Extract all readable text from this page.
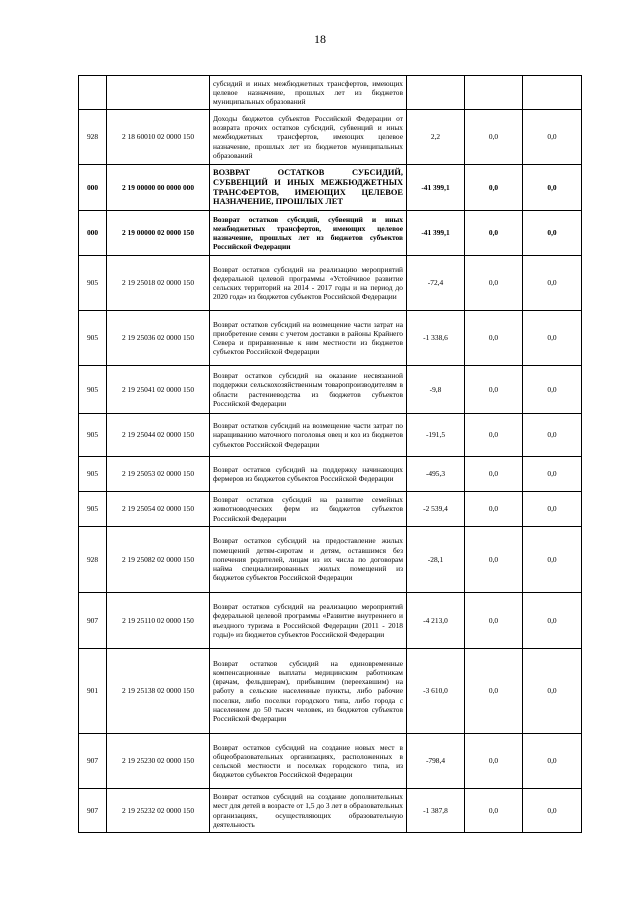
18
		субсидий и иных межбюджетных трансфертов, имеющих целевое назначение, прошлых лет из бюджетов муниципальных образований			
928	2 18 60010 02 0000 150	Доходы бюджетов субъектов Российской Федерации от возврата прочих остатков субсидий, субвенций и иных межбюджетных трансфертов, имеющих целевое назначение, прошлых лет из бюджетов муниципальных образований	2,2	0,0	0,0
000	2 19 00000 00 0000 000	ВОЗВРАТ ОСТАТКОВ СУБСИДИЙ, СУБВЕНЦИЙ И ИНЫХ МЕЖБЮДЖЕТНЫХ ТРАНСФЕРТОВ, ИМЕЮЩИХ ЦЕЛЕВОЕ НАЗНАЧЕНИЕ, ПРОШЛЫХ ЛЕТ	-41 399,1	0,0	0,0
000	2 19 00000 02 0000 150	Возврат остатков субсидий, субвенций и иных межбюджетных трансфертов, имеющих целевое назначение, прошлых лет из бюджетов субъектов Российской Федерации	-41 399,1	0,0	0,0
905	2 19 25018 02 0000 150	Возврат остатков субсидий на реализацию мероприятий федеральной целевой программы «Устойчивое развитие сельских территорий на 2014 - 2017 годы и на период до 2020 года» из бюджетов субъектов Российской Федерации	-72,4	0,0	0,0
905	2 19 25036 02 0000 150	Возврат остатков субсидий на возмещение части затрат на приобретение семян с учетом доставки в районы Крайнего Севера и приравненные к ним местности из бюджетов субъектов Российской Федерации	-1 338,6	0,0	0,0
905	2 19 25041 02 0000 150	Возврат остатков субсидий на оказание несвязанной поддержки сельскохозяйственным товаропроизводителям в области растениеводства из бюджетов субъектов Российской Федерации	-9,8	0,0	0,0
905	2 19 25044 02 0000 150	Возврат остатков субсидий на возмещение части затрат по наращиванию маточного поголовья овец и коз из бюджетов субъектов Российской Федерации	-191,5	0,0	0,0
905	2 19 25053 02 0000 150	Возврат остатков субсидий на поддержку начинающих фермеров из бюджетов субъектов Российской Федерации	-495,3	0,0	0,0
905	2 19 25054 02 0000 150	Возврат остатков субсидий на развитие семейных животноводческих ферм из бюджетов субъектов Российской Федерации	-2 539,4	0,0	0,0
928	2 19 25082 02 0000 150	Возврат остатков субсидий на предоставление жилых помещений детям-сиротам и детям, оставшимся без попечения родителей, лицам из их числа по договорам найма специализированных жилых помещений из бюджетов субъектов Российской Федерации	-28,1	0,0	0,0
907	2 19 25110 02 0000 150	Возврат остатков субсидий на реализацию мероприятий федеральной целевой программы «Развитие внутреннего и въездного туризма в Российской Федерации (2011 - 2018 годы)» из бюджетов субъектов Российской Федерации	-4 213,0	0,0	0,0
901	2 19 25138 02 0000 150	Возврат остатков субсидий на единовременные компенсационные выплаты медицинским работникам (врачам, фельдшерам), прибывшим (переехавшим) на работу в сельские населенные пункты, либо рабочие поселки, либо поселки городского типа, либо города с населением до 50 тысяч человек, из бюджетов субъектов Российской Федерации	-3 610,0	0,0	0,0
907	2 19 25230 02 0000 150	Возврат остатков субсидий на создание новых мест в общеобразовательных организациях, расположенных в сельской местности и поселках городского типа, из бюджетов субъектов Российской Федерации	-798,4	0,0	0,0
907	2 19 25232 02 0000 150	Возврат остатков субсидий на создание дополнительных мест для детей в возрасте от 1,5 до 3 лет в образовательных организациях, осуществляющих образовательную деятельность	-1 387,8	0,0	0,0
